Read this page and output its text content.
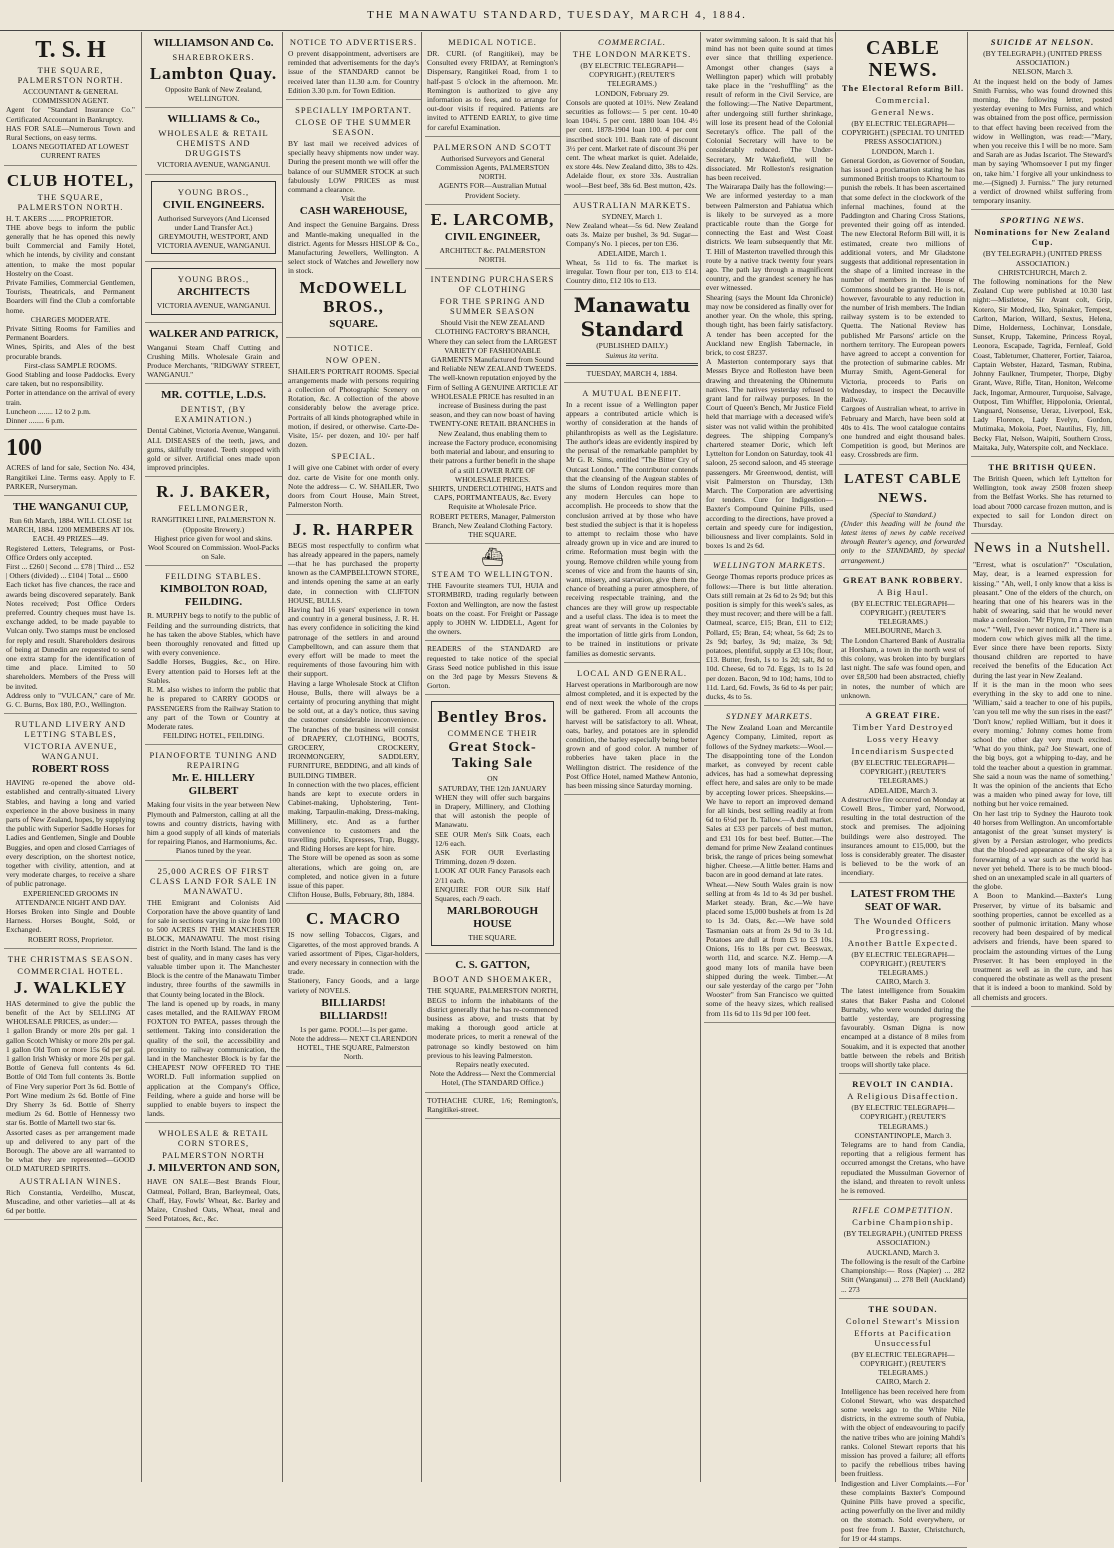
THE MANAWATU STANDARD, TUESDAY, MARCH 4, 1884.
T. S. H
THE SQUARE, PALMERSTON NORTH.
ACCOUNTANT & GENERAL COMMISSION AGENT.
Agent for "Standard Insurance Co." Certificated Accountant in Bankruptcy.
HAS FOR SALE—Numerous Town and Rural Sections, on easy terms.
LOANS NEGOTIATED AT LOWEST CURRENT RATES
CLUB HOTEL,
THE SQUARE, PALMERSTON NORTH.
H. T. AKERS ........ PROPRIETOR.
THE above begs to inform the public generally that he has opened this newly built Commercial and Family Hotel, which he intends, by civility and constant attention, to make the most popular Hostelry on the Coast.
Private Families, Commercial Gentlemen, Tourists, Theatricals, and Permanent Boarders will find the Club a comfortable home.
CHARGES MODERATE.
Private Sitting Rooms for Families and Permanent Boarders.
Wines, Spirits, and Ales of the best procurable brands.
First-class SAMPLE ROOMS.
Good Stabling and loose Paddocks. Every care taken, but no responsibility.
Porter in attendance on the arrival of every train.
Luncheon ........ 12 to 2 p.m.
Dinner ........ 6 p.m.
100
ACRES of land for sale, Section No. 434, Rangitikei Line. Terms easy. Apply to F. PARKER, Nurseryman.
THE WANGANUI CUP,
Run 6th March, 1884. WILL CLOSE 1st MARCH, 1884. 1200 MEMBERS AT 10s. EACH. 49 PRIZES—49.
Registered Letters, Telegrams, or Post-Office Orders only accepted.
First ... £260 | Second ... £78 | Third ... £52 | Others (divided) ... £104 | Total ... £600
Each ticket has five chances, the race and awards being discovered separately. Bank Notes received; Post Office Orders preferred. Country cheques must have 1s. exchange added, to be made payable to Vulcan only. Two stamps must be enclosed for reply and result. Shareholders desirous of being at Dunedin are requested to send one extra stamp for the identification of time and place. Limited to 50 shareholders. Members of the Press will be invited.
Address only to "VULCAN," care of Mr. G. C. Burns, Box 180, P.O., Wellington.
RUTLAND LIVERY AND LETTING STABLES,
VICTORIA AVENUE, WANGANUI.
ROBERT ROSS
HAVING re-opened the above old-established and centrally-situated Livery Stables, and having a long and varied experience in the above business in many parts of New Zealand, hopes, by supplying the public with Superior Saddle Horses for Ladies and Gentlemen, Single and Double Buggies, and open and closed Carriages of every description, on the shortest notice, together with civility, attention, and at very moderate charges, to receive a share of public patronage.
EXPERIENCED GROOMS IN ATTENDANCE NIGHT AND DAY.
Horses Broken into Single and Double Harness. Horses Bought, Sold, or Exchanged.
ROBERT ROSS, Proprietor.
THE CHRISTMAS SEASON.
COMMERCIAL HOTEL.
J. WALKLEY
HAS determined to give the public the benefit of the Act by SELLING AT WHOLESALE PRICES, as under:—
1 gallon Brandy or more 20s per gal. 1 gallon Scotch Whisky or more 20s per gal. 1 gallon Old Tom or more 15s 6d per gal. 1 gallon Irish Whisky or more 20s per gal. Bottle of Geneva full contents 4s 6d. Bottle of Old Tom full contents 3s. Bottle of Fine Very superior Port 3s 6d. Bottle of Port Wine medium 2s 6d. Bottle of Fine Dry Sherry 3s 6d. Bottle of Sherry medium 2s 6d. Bottle of Hennessy two star 6s. Bottle of Martell two star 6s.
Assorted cases as per arrangement made up and delivered to any part of the Borough. The above are all warranted to be what they are represented—GOOD OLD MATURED SPIRITS.
AUSTRALIAN WINES.
Rich Constantia, Verdeilho, Muscat, Muscadine, and other varieties—all at 4s 6d per bottle.
WILLIAMSON AND Co.
SHAREBROKERS.
Lambton Quay.
Opposite Bank of New Zealand, WELLINGTON.
WILLIAMS & Co.,
WHOLESALE & RETAIL CHEMISTS AND DRUGGISTS
VICTORIA AVENUE, WANGANUI.
YOUNG BROS.,
CIVIL ENGINEERS.
Authorised Surveyors (And Licensed under Land Transfer Act.) GREYMOUTH, WESTPORT, AND VICTORIA AVENUE, WANGANUI.
YOUNG BROS.,
ARCHITECTS
VICTORIA AVENUE, WANGANUI.
WALKER AND PATRICK,
Wanganui Steam Chaff Cutting and Crushing Mills. Wholesale Grain and Produce Merchants, "RIDGWAY STREET, WANGANUI."
MR. COTTLE, L.D.S.
DENTIST, (BY EXAMINATION.)
Dental Cabinet, Victoria Avenue, Wanganui. ALL DISEASES of the teeth, jaws, and gums, skilfully treated. Teeth stopped with gold or silver. Artificial ones made upon improved principles.
R. J. BAKER,
FELLMONGER,
RANGITIKEI LINE, PALMERSTON N. (Opposite Brewery.)
Highest price given for wool and skins.
Wool Scoured on Commission. Wool-Packs on Sale.
FEILDING STABLES.
KIMBOLTON ROAD, FEILDING.
R. MURPHY begs to notify to the public of Feilding and the surrounding districts, that he has taken the above Stables, which have been thoroughly renovated and fitted up with every convenience.
Saddle Horses, Buggies, &c., on Hire. Every attention paid to Horses left at the Stables.
R. M. also wishes to inform the public that he is prepared to CARRY GOODS or PASSENGERS from the Railway Station to any part of the Town or Country at Moderate rates.
FEILDING HOTEL, FEILDING.
PIANOFORTE TUNING AND REPAIRING
Mr. E. HILLERY GILBERT
Making four visits in the year between New Plymouth and Palmerston, calling at all the towns and country districts, having with him a good supply of all kinds of materials for repairing Pianos, and Harmoniums, &c.
Pianos tuned by the year.
25,000 ACRES OF FIRST CLASS LAND FOR SALE IN MANAWATU.
THE Emigrant and Colonists Aid Corporation have the above quantity of land for sale in sections varying in size from 100 to 500 ACRES IN THE MANCHESTER BLOCK, MANAWATU. The most rising district in the North Island. The land is the best of quality, and in many cases has very valuable timber upon it. The Manchester Block is the centre of the Manawatu Timber industry, three fourths of the sawmills in that County being located in the Block.
The land is opened up by roads, in many cases metalled, and the RAILWAY FROM FOXTON TO PATEA, passes through the settlement. Taking into consideration the quality of the soil, the accessibility and proximity to railway communication, the land in the Manchester Block is by far the CHEAPEST NOW OFFERED TO THE WORLD. Full information supplied on application at the Company's Office, Feilding, where a guide and horse will be supplied to enable buyers to inspect the lands.
WHOLESALE & RETAIL CORN STORES,
PALMERSTON NORTH
J. MILVERTON AND SON,
HAVE ON SALE—Best Brands Flour, Oatmeal, Pollard, Bran, Barleymeal, Oats, Chaff, Hay, Fowls' Wheat, &c. Barley and Maize, Crushed Oats, Wheat, meal and Seed Potatoes, &c., &c.
NOTICE TO ADVERTISERS.
O prevent disappointment, advertisers are reminded that advertisements for the day's issue of the STANDARD cannot be received later than 11.30 a.m. for Country Edition 3.30 p.m. for Town Edition.
SPECIALLY IMPORTANT.
CLOSE OF THE SUMMER SEASON.
BY last mail we received advices of specially heavy shipments now under way. During the present month we will offer the balance of our SUMMER STOCK at such fabulously LOW PRICES as must command a clearance.
Visit the
CASH WAREHOUSE,
And inspect the Genuine Bargains. Dress and Mantle-making unequalled in the district. Agents for Messrs HISLOP & Co., Manufacturing Jewellers, Wellington. A select stock of Watches and Jewellery now in stock.
McDOWELL BROS.,
SQUARE.
NOTICE.
NOW OPEN.
SHAILER'S PORTRAIT ROOMS. Special arrangements made with persons requiring a collection of Photographic Scenery on Rotation, &c. A collection of the above considerably below the average price. Portraits of all kinds photographed while in motion, if desired, or otherwise. Carte-De-Visite, 15/- per dozen, and 10/- per half dozen.
SPECIAL.
I will give one Cabinet with order of every doz. carte de Visite for one month only. Note the address— C. W. SHAILER, Two doors from Court House, Main Street, Palmerston North.
J. R. HARPER
BEGS most respectfully to confirm what has already appeared in the papers, namely—that he has purchased the property known as the CAMPBELLTOWN STORE, and intends opening the same at an early date, in connection with CLIFTON HOUSE, BULLS.
Having had 16 years' experience in town and country in a general business, J. R. H. has every confidence in soliciting the kind patronage of the settlers in and around Campbelltown, and can assure them that every effort will be made to meet the requirements of those favouring him with their support.
Having a large Wholesale Stock at Clifton House, Bulls, there will always be a certainty of procuring anything that might be sold out, at a day's notice, thus saving the customer considerable inconvenience. The branches of the business will consist of DRAPERY, CLOTHING, BOOTS, GROCERY, CROCKERY, IRONMONGERY, SADDLERY, FURNITURE, BEDDING, and all kinds of BUILDING TIMBER.
In connection with the two places, efficient hands are kept to execute orders in Cabinet-making, Upholstering, Tent-making, Tarpaulin-making, Dress-making, Millinery, etc. And as a further convenience to customers and the travelling public, Expresses, Trap, Buggy, and Riding Horses are kept for hire.
The Store will be opened as soon as some alterations, which are going on, are completed, and notice given in a future issue of this paper.
Clifton House, Bulls, February, 8th, 1884.
C. MACRO
IS now selling Tobaccos, Cigars, and Cigarettes, of the most approved brands. A varied assortment of Pipes, Cigar-holders, and every necessary in connection with the trade.
Stationery, Fancy Goods, and a large variety of NOVELS.
BILLIARDS! BILLIARDS!!
1s per game. POOL!—1s per game.
Note the address— NEXT CLARENDON HOTEL, THE SQUARE, Palmerston North.
MEDICAL NOTICE.
DR. CURL (of Rangitikei), may be Consulted every FRIDAY, at Remington's Dispensary, Rangitikei Road, from 1 to half-past 5 o'clock in the afternoon. Mr. Remington is authorized to give any information as to fees, and to arrange for out-door visits if required. Patients are invited to ATTEND EARLY, to give time for careful Examination.
PALMERSON AND SCOTT
Authorised Surveyors and General Commission Agents, PALMERSTON NORTH.
AGENTS FOR—Australian Mutual Provident Society.
E. LARCOMB,
CIVIL ENGINEER,
ARCHITECT &c. PALMERSTON NORTH.
INTENDING PURCHASERS OF CLOTHING
FOR THE SPRING AND SUMMER SEASON
Should Visit the NEW ZEALAND CLOTHING FACTORY'S BRANCH, Where they can select from the LARGEST VARIETY OF FASHIONABLE GARMENTS Manufactured from Sound and Reliable NEW ZEALAND TWEEDS.
The well-known reputation enjoyed by the Firm of Selling A GENUINE ARTICLE AT WHOLESALE PRICE has resulted in an increase of Business during the past season, and they can now boast of having TWENTY-ONE RETAIL BRANCHES in New Zealand, thus enabling them to increase the Factory produce, economising both material and labour, and ensuring to their patrons a further benefit in the shape of a still LOWER RATE OF WHOLESALE PRICES.
SHIRTS, UNDERCLOTHING, HATS and CAPS, PORTMANTEAUS, &c. Every Requisite at Wholesale Price.
ROBERT PETERS, Manager, Palmerston Branch, New Zealand Clothing Factory. THE SQUARE.
⛴
STEAM TO WELLINGTON.
THE Favourite steamers TUI, HUIA and STORMBIRD, trading regularly between Foxton and Wellington, are now the fastest boats on the coast. For Freight or Passage apply to JOHN W. LIDDELL, Agent for the owners.
READERS of the STANDARD are requested to take notice of the special Grass Seed notice published in this issue on the 3rd page by Messrs Stevens & Gorton.
Bentley Bros.
COMMENCE THEIR
Great Stock-Taking Sale
ON
SATURDAY, THE 12th JANUARY
WHEN they will offer such bargains in Drapery, Millinery, and Clothing that will astonish the people of Manawatu.
SEE OUR Men's Silk Coats, each 12/6 each.
ASK FOR OUR Everlasting Trimming, dozen /9 dozen.
LOOK AT OUR Fancy Parasols each 2/11 each.
ENQUIRE FOR OUR Silk Half Squares, each /9 each.
MARLBOROUGH HOUSE
THE SQUARE.
C. S. GATTON,
BOOT AND SHOEMAKER,
THE SQUARE, PALMERSTON NORTH, BEGS to inform the inhabitants of the district generally that he has re-commenced business as above, and trusts that by making a thorough good article at moderate prices, to merit a renewal of the patronage so kindly bestowed on him previous to his leaving Palmerston.
Repairs neatly executed.
Note the Address— Next the Commercial Hotel, (The STANDARD Office.)
TOTHACHE CURE, 1/6; Remington's, Rangitikei-street.
COMMERCIAL.
THE LONDON MARKETS.
(BY ELECTRIC TELEGRAPH—COPYRIGHT.) (REUTER'S TELEGRAMS.)
LONDON, February 29.
Consols are quoted at 101½. New Zealand securities as follows:— 5 per cent. 10-40 loan 104¼. 5 per cent. 1880 loan 104. 4½ per cent. 1878-1904 loan 100. 4 per cent inscribed stock 101. Bank rate of discount 3½ per cent. Market rate of discount 3¼ per cent. The wheat market is quiet. Adelaide, ex store 44s. New Zealand ditto, 38s to 42s. Adelaide flour, ex store 33s. Australian wool—Best beef, 38s 6d. Best mutton, 42s.
AUSTRALIAN MARKETS.
SYDNEY, March 1.
New Zealand wheat—5s 6d. New Zealand oats 3s. Maize per bushel, 3s 9d. Sugar—Company's No. 1 pieces, per ton £36.
ADELAIDE, March 1.
Wheat, 5s 11d to 6s. The market is irregular. Town flour per ton, £13 to £14. Country ditto, £12 10s to £13.
Manawatu Standard
(PUBLISHED DAILY.)
Suimus ita verita.
TUESDAY, MARCH 4, 1884.
A MUTUAL BENEFIT.
In a recent issue of a Wellington paper appears a contributed article which is worthy of consideration at the hands of philanthropists as well as the Legislature. The author's ideas are evidently inspired by the perusal of the remarkable pamphlet by Mr G. R. Sims, entitled "The Bitter Cry of Outcast London." The contributor contends that the cleansing of the Augean stables of the slums of London requires more than any modern Hercules can hope to accomplish. He proceeds to show that the conclusion arrived at by those who have best studied the subject is that it is hopeless to attempt to reclaim those who have already grown up in vice and are inured to crime. Reformation must begin with the young. Remove children while young from scenes of vice and from the haunts of sin, want, misery, and starvation, give them the chance of breathing a purer atmosphere, of receiving respectable training, and the chances are they will grow up respectable and a useful class. The idea is to meet the great want of servants in the Colonies by the importation of little girls from London, to be trained in institutions or private families as domestic servants.
LOCAL AND GENERAL.
Harvest operations in Marlborough are now almost completed, and it is expected by the end of next week the whole of the crops will be gathered. From all accounts the harvest will be satisfactory to all. Wheat, oats, barley, and potatoes are in splendid condition, the barley especially being better grown and of good color. A number of robberies have taken place in the Wellington district. The residence of the Post Office Hotel, named Mathew Antonio, has been missing since Saturday morning.
water swimming saloon. It is said that his mind has not been quite sound at times ever since that thrilling experience. Amongst other changes (says a Wellington paper) which will probably take place in the "reshuffling" as the result of reform in the Civil Service, are the following:—The Native Department, after undergoing still further shrinkage, will lose its present head of the Colonial Secretary's office. The pall of the Colonial Secretary will have to be considerably reduced. The Under-Secretary, Mr Wakefield, will be dissociated. Mr Rolleston's resignation has been received.
The Wairarapa Daily has the following:—We are informed yesterday to a man between Palmerston and Pahiatua which is likely to be surveyed as a more practicable route than the Gorge for connecting the East and West Coast districts. We learn subsequently that Mr. T. Hill of Masterton travelled through this route by a native track twenty four years ago. The path lay through a magnificent country, and the grandest scenery he has ever witnessed.
Shearing (says the Mount Ida Chronicle) may now be considered as finally over for another year. On the whole, this spring, though tight, has been fairly satisfactory. A tender has been accepted for the Auckland new English Tabernacle, in brick, to cost £8237.
A Masterton contemporary says that Messrs Bryce and Rolleston have been drawing and threatening the Ohinemutu natives. The natives yesterday refused to grant land for railway purposes. In the Court of Queen's Bench, Mr Justice Field held that marriage with a deceased wife's sister was not valid within the prohibited degrees. The shipping Company's chartered steamer Doric, which left Lyttelton for London on Saturday, took 41 saloon, 25 second saloon, and 45 steerage passengers. Mr Greenwood, dentist, will visit Palmerston on Thursday, 13th March. The Corporation are advertising for tenders. Cure for Indigestion—Baxter's Compound Quinine Pills, used according to the directions, have proved a certain and speedy cure for indigestion, biliousness and liver complaints. Sold in boxes 1s and 2s 6d.
WELLINGTON MARKETS.
George Thomas reports produce prices as follows:—There is but little alteration. Oats still remain at 2s 6d to 2s 9d; but this position is simply for this week's sales, as they must recover; and there will be a fall. Oatmeal, scarce, £15; Bran, £11 to £12; Pollard, £5; Bran, £4; wheat, 5s 6d; 2s to 2s 9d; barley, 3s 9d; maize, 3s 9d; potatoes, plentiful, supply at £3 10s; flour, £13. Butter, fresh, 1s to 1s 2d; salt, 8d to 10d. Cheese, 6d to 7d. Eggs, 1s to 1s 2d per dozen. Bacon, 9d to 10d; hams, 10d to 11d. Lard, 6d. Fowls, 3s 6d to 4s per pair; ducks, 4s to 5s.
SYDNEY MARKETS.
The New Zealand Loan and Mercantile Agency Company, Limited, report as follows of the Sydney markets:—Wool.—The disappointing tone of the London market, as conveyed by recent cable advices, has had a somewhat depressing effect here, and sales are only to be made by accepting lower prices. Sheepskins.—We have to report an improved demand for all kinds, best selling readily at from 6d to 6½d per lb. Tallow.—A dull market. Sales at £33 per parcels of best mutton, and £31 10s for best beef. Butter.—The demand for prime New Zealand continues brisk, the range of prices being somewhat higher. Cheese.—A little better. Hams and bacon are in good demand at late rates.
Wheat.—New South Wales grain is now selling at from 4s 1d to 4s 3d per bushel. Market steady. Bran, &c.—We have placed some 15,000 bushels at from 1s 2d to 1s 3d. Oats, &c.—We have sold Tasmanian oats at from 2s 9d to 3s 1d. Potatoes are dull at from £3 to £3 10s. Onions, 16s to 18s per cwt. Beeswax, worth 11d, and scarce. N.Z. Hemp.—A good many lots of manila have been shipped during the week. Timber.—At our sale yesterday of the cargo per "John Wooster" from San Francisco we quitted some of the heavy sizes, which realised from 11s 6d to 11s 9d per 100 feet.
CABLE NEWS.
The Electoral Reform Bill.
Commercial.
General News.
(BY ELECTRIC TELEGRAPH—COPYRIGHT.) (SPECIAL TO UNITED PRESS ASSOCIATION.)
LONDON, March 1.
General Gordon, as Governor of Soudan, has issued a proclamation stating he has summoned British troops to Khartoum to punish the rebels. It has been ascertained that some defect in the clockwork of the infernal machines, found at the Paddington and Charing Cross Stations, prevented their going off as intended. The new Electoral Reform Bill will, it is estimated, create two millions of additional voters, and Mr Gladstone suggests that additional representation in the shape of a limited increase in the number of members in the House of Commons should be granted. He is not, however, favourable to any reduction in the number of Irish members. The Indian railway system is to be extended to Quetta. The National Review has published Mr Parsons' article on the northern territory. The European powers have agreed to accept a convention for the protection of submarine cables. Mr Murray Smith, Agent-General for Victoria, proceeds to Paris on Wednesday, to inspect the Decauville Railway.
Cargoes of Australian wheat, to arrive in February and March, have been sold at 40s to 41s. The wool catalogue contains one hundred and eight thousand bales. Competition is good, but Merinos are easy. Crossbreds are firm.
LATEST CABLE NEWS.
(Special to Standard.)
(Under this heading will be found the latest items of news by cable received through Reuter's agency, and forwarded only to the STANDARD, by special arrangement.)
GREAT BANK ROBBERY.
A Big Haul.
(BY ELECTRIC TELEGRAPH—COPYRIGHT.) (REUTER'S TELEGRAMS.)
MELBOURNE, March 3.
The London Chartered Bank of Australia at Horsham, a town in the north west of this colony, was broken into by burglars last night. The safe was found open, and over £8,500 had been abstracted, chiefly in notes, the number of which are unknown.
A GREAT FIRE.
Timber Yard Destroyed
Loss very Heavy
Incendiarism Suspected
(BY ELECTRIC TELEGRAPH—COPYRIGHT.) (REUTER'S TELEGRAMS.)
ADELAIDE, March 3.
A destructive fire occurred on Monday at Cowell Bros., Timber yard, Norwood, resulting in the total destruction of the stock and premises. The adjoining buildings were also destroyed. The insurances amount to £15,000, but the loss is considerably greater. The disaster is believed to be the work of an incendiary.
LATEST FROM THE SEAT OF WAR.
The Wounded Officers Progressing.
Another Battle Expected.
(BY ELECTRIC TELEGRAPH—COPYRIGHT.) (REUTER'S TELEGRAMS.)
CAIRO, March 3.
The latest intelligence from Souakim states that Baker Pasha and Colonel Burnaby, who were wounded during the battle yesterday, are progressing favourably. Osman Digna is now encamped at a distance of 8 miles from Souakim, and it is expected that another battle between the rebels and British troops will shortly take place.
REVOLT IN CANDIA.
A Religious Disaffection.
(BY ELECTRIC TELEGRAPH—COPYRIGHT.) (REUTER'S TELEGRAMS.)
CONSTANTINOPLE, March 3.
Telegrams are to hand from Candia, reporting that a religious ferment has occurred amongst the Cretans, who have repudiated the Mussulman Governor of the island, and threaten to revolt unless he is removed.
RIFLE COMPETITION.
Carbine Championship.
(BY TELEGRAPH.) (UNITED PRESS ASSOCIATION.)
AUCKLAND, March 3.
The following is the result of the Carbine Championship:— Ross (Napier) ... 282 Stitt (Wanganui) ... 278 Bell (Auckland) ... 273
THE SOUDAN.
Colonel Stewart's Mission
Efforts at Pacification Unsuccessful
(BY ELECTRIC TELEGRAPH—COPYRIGHT.) (REUTER'S TELEGRAMS.)
CAIRO, March 2.
Intelligence has been received here from Colonel Stewart, who was despatched some weeks ago to the White Nile districts, in the extreme south of Nubia, with the object of endeavouring to pacify the native tribes who are joining Mahdi's ranks. Colonel Stewart reports that his mission has proved a failure; all efforts to pacify the rebellious tribes having been fruitless.
Indigestion and Liver Complaints.—For these complaints Baxter's Compound Quinine Pills have proved a specific, acting powerfully on the liver and mildly on the stomach. Sold everywhere, or post free from J. Baxter, Christchurch, for 19 or 44 stamps.
SUICIDE AT NELSON.
(BY TELEGRAPH.) (UNITED PRESS ASSOCIATION.)
NELSON, March 3.
At the inquest held on the body of James Smith Furniss, who was found drowned this morning, the following letter, posted yesterday evening to Mrs Furniss, and which was obtained from the post office, permission to that effect having been received from the widow in Wellington, was read:—"Mary, when you receive this I will be no more. Sam and Sarah are as Judas Iscariot. The Steward's man by saying 'Whomsoever I put my finger on, take him.' I forgive all your unkindness to me.—(Signed) J. Furniss." The jury returned a verdict of drowned whilst suffering from temporary insanity.
SPORTING NEWS.
Nominations for New Zealand Cup.
(BY TELEGRAPH.) (UNITED PRESS ASSOCIATION.)
CHRISTCHURCH, March 2.
The following nominations for the New Zealand Cup were published at 10.30 last night:—Mistletoe, Sir Avant colt, Grip, Kotero, Sir Modred, Iko, Spinaker, Tempest, Carlton, Marion, Willard, Sextus, Helena, Dime, Holderness, Lochinvar, Lonsdale, Sunset, Krupp, Takemine, Princess Royal, Leonora, Escapade, Tagrida, Fernleaf, Gold Coast, Tableturner, Chatterer, Fortier, Taiaroa, Captain Webster, Hazard, Tasman, Rubina, Johnny Faulkner, Trumpeter, Thorpe, Digby Grant, Wave, Rifle, Titan, Honiton, Welcome Jack, Ingomar, Armourer, Turquoise, Salvage, Outpost, Tim Whiffler, Hippolonia, Oriental, Vanguard, Nonsense, Ueraz, Liverpool, Esk, Lady Florence, Lady Evelyn, Gordon, Mutimaka, Mokoia, Poet, Nautilus, Fly, Jill, Becky Flat, Nelson, Waipiti, Southern Cross, Maitaka, July, Waterspite colt, and Necklace.
THE BRITISH QUEEN.
The British Queen, which left Lyttelton for Wellington, took away 2508 frozen sheep from the Belfast Works. She has returned to load about 7000 carcase frozen mutton, and is expected to sail for London direct on Thursday.
News in a Nutshell.
"Errest, what is osculation?" "Osculation, May, dear, is a learned expression for kissing." "Ah, well, I only know that a kiss is pleasant." One of the elders of the church, on hearing that one of his hearers was in the habit of swearing, said that he would never make a confession. "Mr Flynn, I'm a new man now." "Well, I've never noticed it." There is a modern cow which gives milk all the time. Ever since there have been reports. Sixty thousand children are reported to have received the benefits of the Education Act during the last year in New Zealand.
If it is the man in the moon who sees everything in the sky to add one to nine. 'William,' said a teacher to one of his pupils, 'can you tell me why the sun rises in the east?' 'Don't know,' replied William, 'but it does it every morning.' Johnny comes home from school the other day very much excited. 'What do you think, pa? Joe Stewart, one of the big boys, got a whipping to-day, and he told the teacher about a question in grammar. She said a noun was the name of something.' It was the opinion of the ancients that Echo was a maiden who pined away for love, till nothing but her voice remained.
On her last trip to Sydney the Hauroto took 40 horses from Wellington. An uncomfortable antagonist of the great 'sunset mystery' is given by a Persian astrologer, who predicts that the blood-red appearance of the sky is a forewarning of a war such as the world has never yet beheld. There is to be much blood-shed on an unexampled scale in all quarters of the globe.
A Boon to Mankind.—Baxter's Lung Preserver, by virtue of its balsamic and soothing properties, cannot be excelled as a soother of pulmonic irritation. Many whose recovery had been despaired of by medical advisers and friends, have been spared to proclaim the astounding virtues of the Lung Preserver. It has been employed in the treatment as well as in the cure, and has conquered the obstinate as well as the present that it is indeed a boon to mankind. Sold by all chemists and grocers.
